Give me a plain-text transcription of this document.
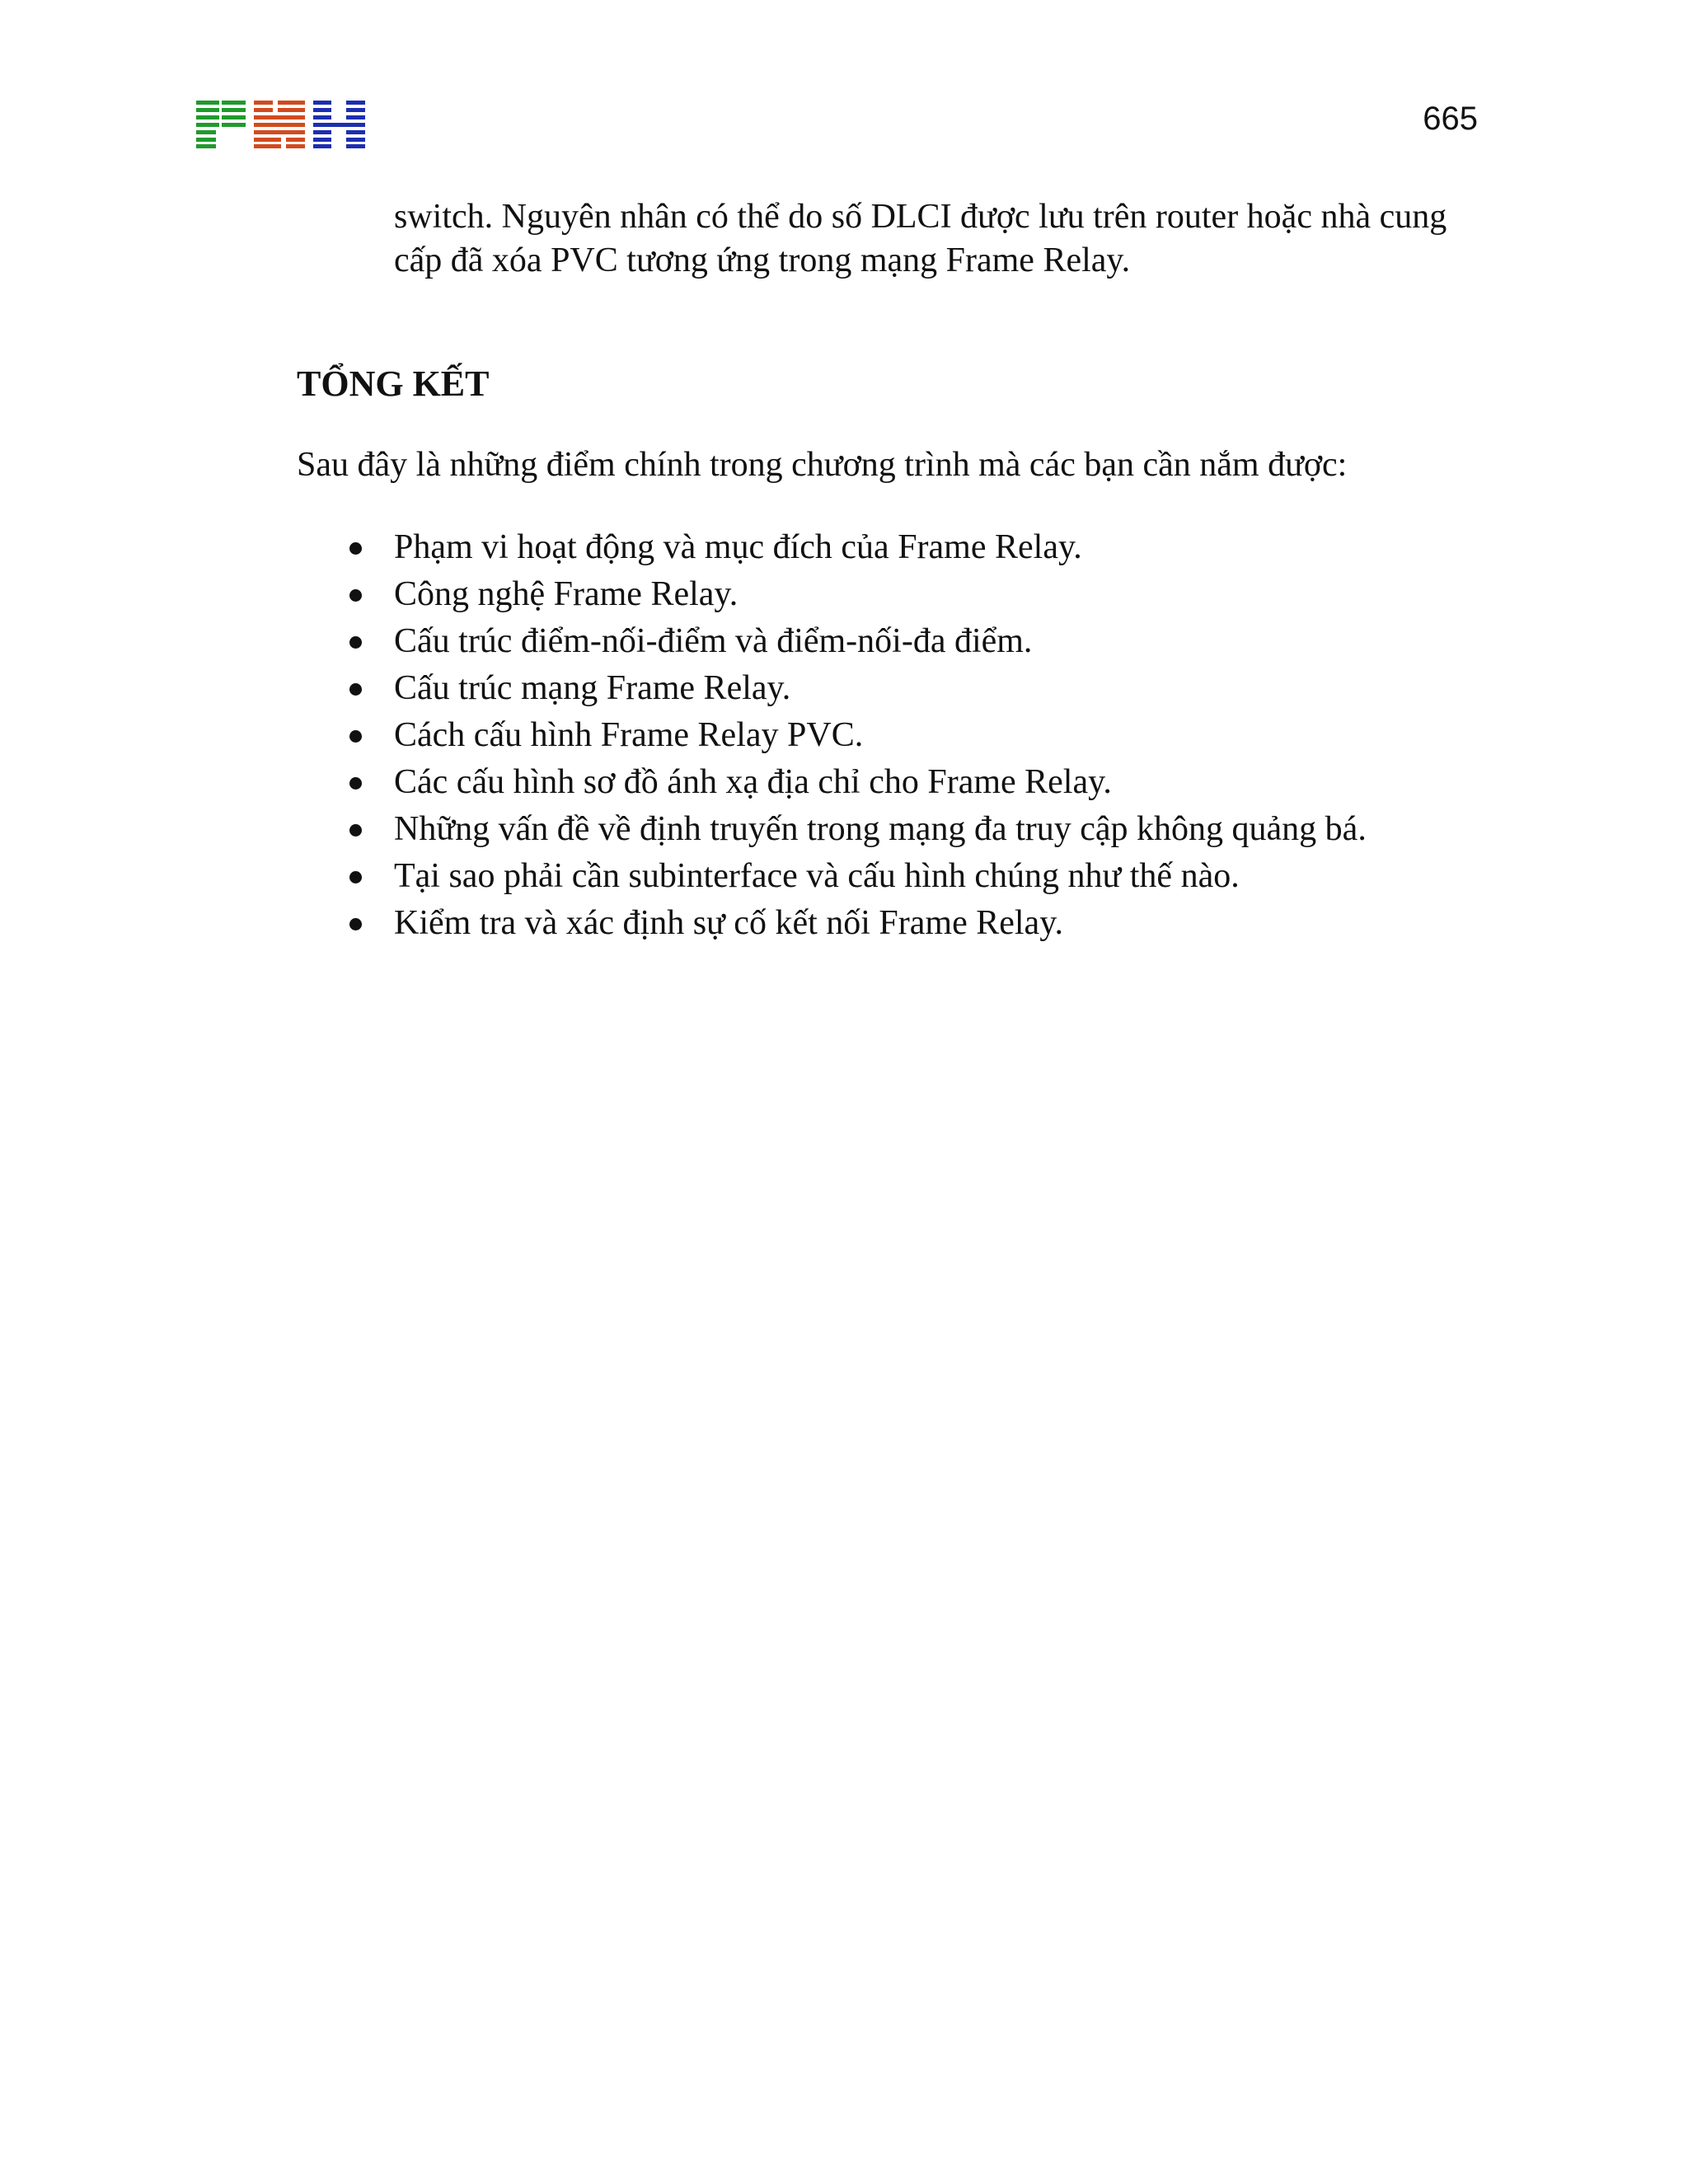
665

switch. Nguyên nhân có thể do số DLCI được lưu trên router hoặc nhà cung cấp đã xóa PVC tương ứng trong mạng Frame Relay.

TỔNG KẾT

Sau đây là những điểm chính trong chương trình mà các bạn cần nắm được:

Phạm vi hoạt động và mục đích của Frame Relay.
Công nghệ Frame Relay.
Cấu trúc điểm-nối-điểm và điểm-nối-đa điểm.
Cấu trúc mạng Frame Relay.
Cách cấu hình Frame Relay PVC.
Các cấu hình sơ đồ ánh xạ địa chỉ cho Frame Relay.
Những vấn đề về định truyến trong mạng đa truy cập không quảng bá.
Tại sao phải cần subinterface và cấu hình chúng như thế nào.
Kiểm tra và xác định sự cố kết nối Frame Relay.
